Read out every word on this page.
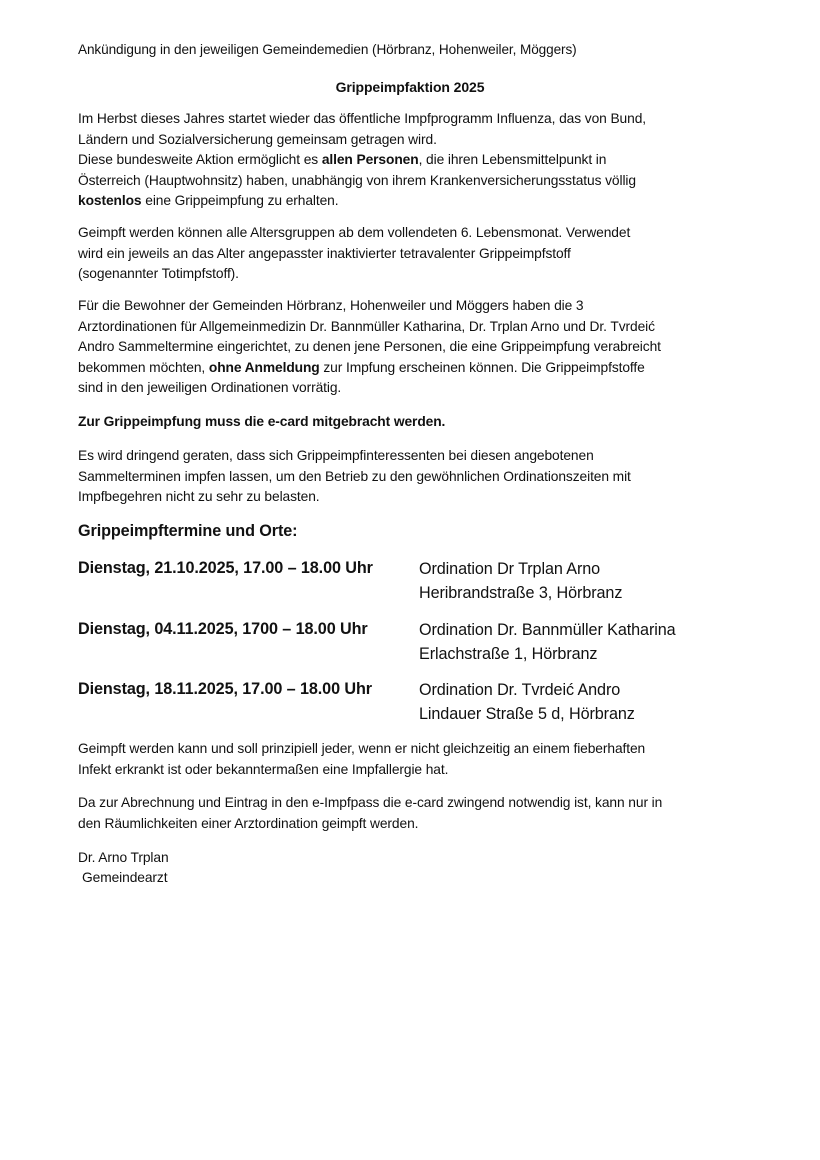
Ankündigung in den jeweiligen Gemeindemedien (Hörbranz, Hohenweiler, Möggers)

Grippeimpfaktion 2025

Im Herbst dieses Jahres startet wieder das öffentliche Impfprogramm Influenza, das von Bund,
Ländern und Sozialversicherung gemeinsam getragen wird.
Diese bundesweite Aktion ermöglicht es allen Personen, die ihren Lebensmittelpunkt in
Österreich (Hauptwohnsitz) haben, unabhängig von ihrem Krankenversicherungsstatus völlig
kostenlos eine Grippeimpfung zu erhalten.
Geimpft werden können alle Altersgruppen ab dem vollendeten 6. Lebensmonat. Verwendet
wird ein jeweils an das Alter angepasster inaktivierter tetravalenter Grippeimpfstoff
(sogenannter Totimpfstoff).
Für die Bewohner der Gemeinden Hörbranz, Hohenweiler und Möggers haben die 3
Arztordinationen für Allgemeinmedizin Dr. Bannmüller Katharina, Dr. Trplan Arno und Dr. Tvrdeić
Andro Sammeltermine eingerichtet, zu denen jene Personen, die eine Grippeimpfung verabreicht
bekommen möchten, ohne Anmeldung zur Impfung erscheinen können. Die Grippeimpfstoffe
sind in den jeweiligen Ordinationen vorrätig.
Zur Grippeimpfung muss die e-card mitgebracht werden.
Es wird dringend geraten, dass sich Grippeimpfinteressenten bei diesen angebotenen
Sammelterminen impfen lassen, um den Betrieb zu den gewöhnlichen Ordinationszeiten mit
Impfbegehren nicht zu sehr zu belasten.

Grippeimpftermine und Orte:

Dienstag, 21.10.2025, 17.00 – 18.00 Uhr	Ordination Dr Trplan Arno
Heribrandstraße 3, Hörbranz

Dienstag, 04.11.2025, 1700 – 18.00 Uhr	Ordination Dr. Bannmüller Katharina
Erlachstraße 1, Hörbranz

Dienstag, 18.11.2025, 17.00 – 18.00 Uhr	Ordination Dr. Tvrdeić Andro
Lindauer Straße 5 d, Hörbranz
Geimpft werden kann und soll prinzipiell jeder, wenn er nicht gleichzeitig an einem fieberhaften
Infekt erkrankt ist oder bekanntermaßen eine Impfallergie hat.
Da zur Abrechnung und Eintrag in den e-Impfpass die e-card zwingend notwendig ist, kann nur in
den Räumlichkeiten einer Arztordination geimpft werden.
Dr. Arno Trplan
Gemeindearzt
